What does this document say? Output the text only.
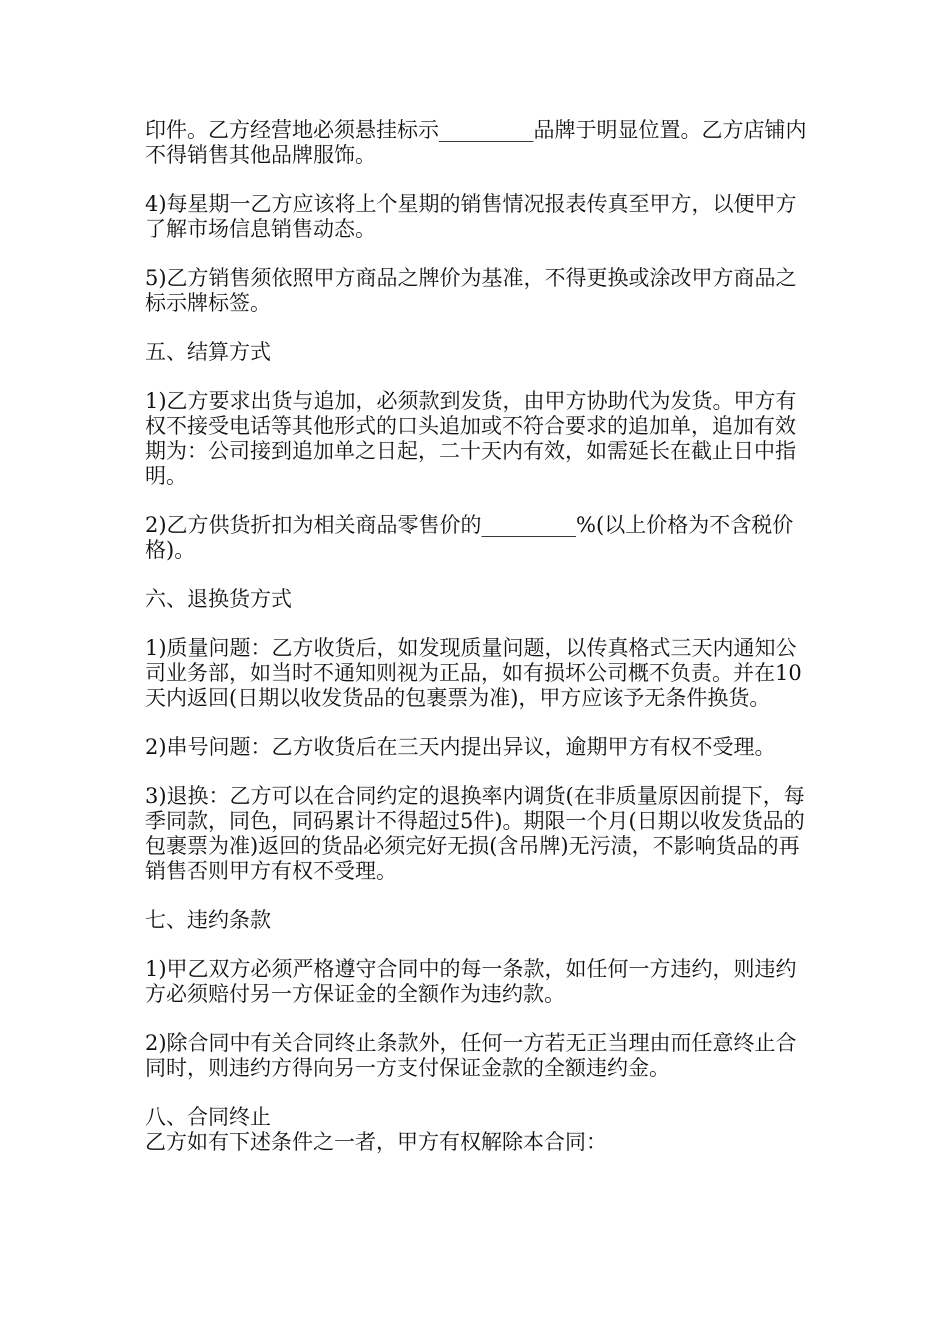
印件。乙方经营地必须悬挂标示_________品牌于明显位置。乙方店铺内不得销售其他品牌服饰。

4)每星期一乙方应该将上个星期的销售情况报表传真至甲方，以便甲方了解市场信息销售动态。

5)乙方销售须依照甲方商品之牌价为基准，不得更换或涂改甲方商品之标示牌标签。

五、结算方式

1)乙方要求出货与追加，必须款到发货，由甲方协助代为发货。甲方有权不接受电话等其他形式的口头追加或不符合要求的追加单，追加有效期为：公司接到追加单之日起，二十天内有效，如需延长在截止日中指明。

2)乙方供货折扣为相关商品零售价的_________%(以上价格为不含税价格)。

六、退换货方式

1)质量问题：乙方收货后，如发现质量问题，以传真格式三天内通知公司业务部，如当时不通知则视为正品，如有损坏公司概不负责。并在10天内返回(日期以收发货品的包裹票为准)，甲方应该予无条件换货。

2)串号问题：乙方收货后在三天内提出异议，逾期甲方有权不受理。

3)退换：乙方可以在合同约定的退换率内调货(在非质量原因前提下，每季同款，同色，同码累计不得超过5件)。期限一个月(日期以收发货品的包裹票为准)返回的货品必须完好无损(含吊牌)无污渍，不影响货品的再销售否则甲方有权不受理。

七、违约条款

1)甲乙双方必须严格遵守合同中的每一条款，如任何一方违约，则违约方必须赔付另一方保证金的全额作为违约款。

2)除合同中有关合同终止条款外，任何一方若无正当理由而任意终止合同时，则违约方得向另一方支付保证金款的全额违约金。

八、合同终止

乙方如有下述条件之一者，甲方有权解除本合同：
